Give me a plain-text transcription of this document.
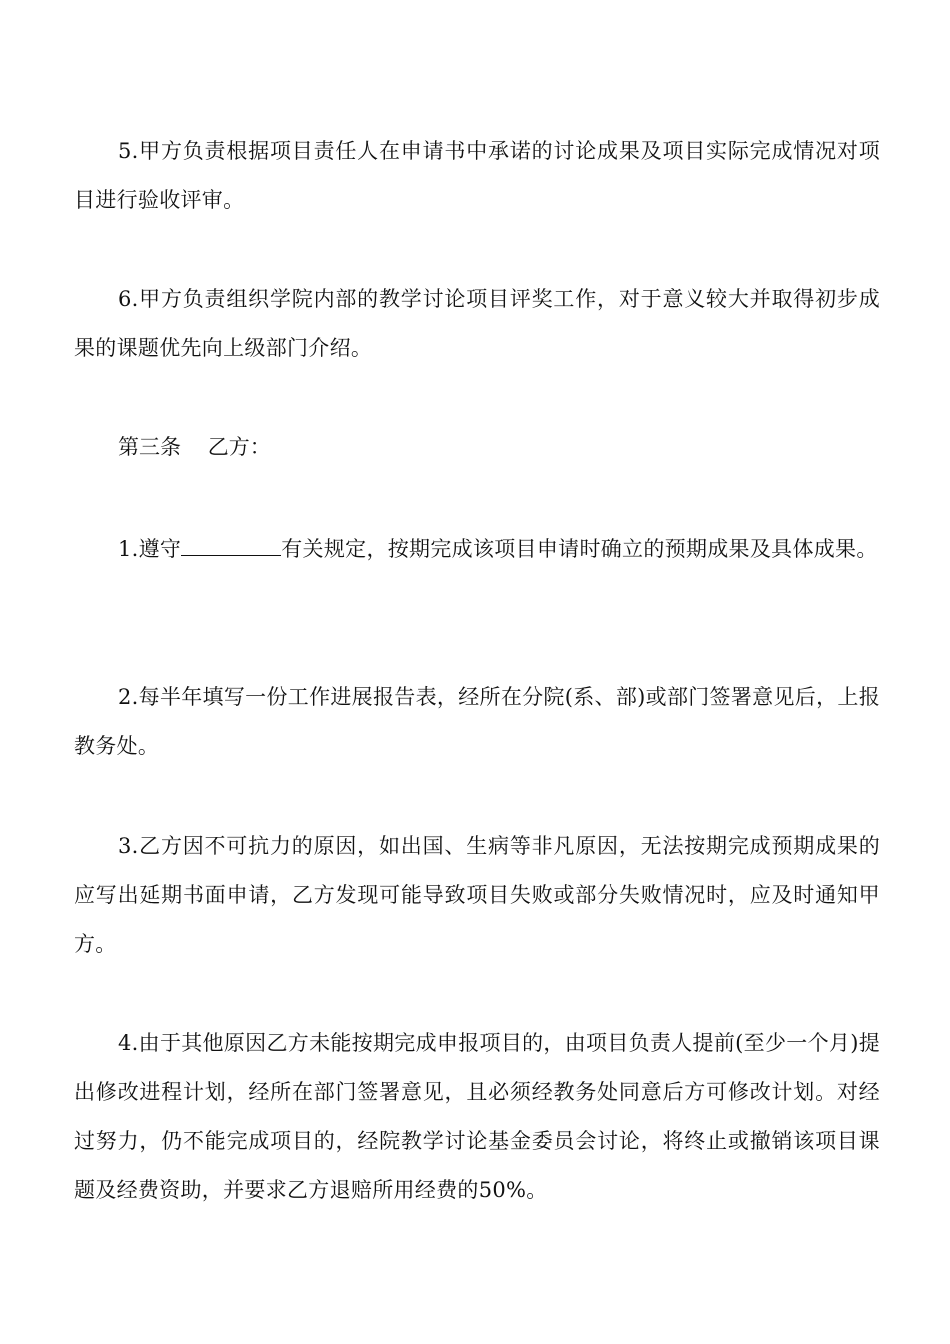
5.甲方负责根据项目责任人在申请书中承诺的讨论成果及项目实际完成情况对项目进行验收评审。

6.甲方负责组织学院内部的教学讨论项目评奖工作，对于意义较大并取得初步成果的课题优先向上级部门介绍。

第三条 乙方：

1.遵守	有关规定，按期完成该项目申请时确立的预期成果及具体成果。

2.每半年填写一份工作进展报告表，经所在分院(系、部)或部门签署意见后，上报教务处。

3.乙方因不可抗力的原因，如出国、生病等非凡原因，无法按期完成预期成果的应写出延期书面申请，乙方发现可能导致项目失败或部分失败情况时，应及时通知甲方。

4.由于其他原因乙方未能按期完成申报项目的，由项目负责人提前(至少一个月)提出修改进程计划，经所在部门签署意见，且必须经教务处同意后方可修改计划。对经过努力，仍不能完成项目的，经院教学讨论基金委员会讨论，将终止或撤销该项目课题及经费资助，并要求乙方退赔所用经费的50%。
